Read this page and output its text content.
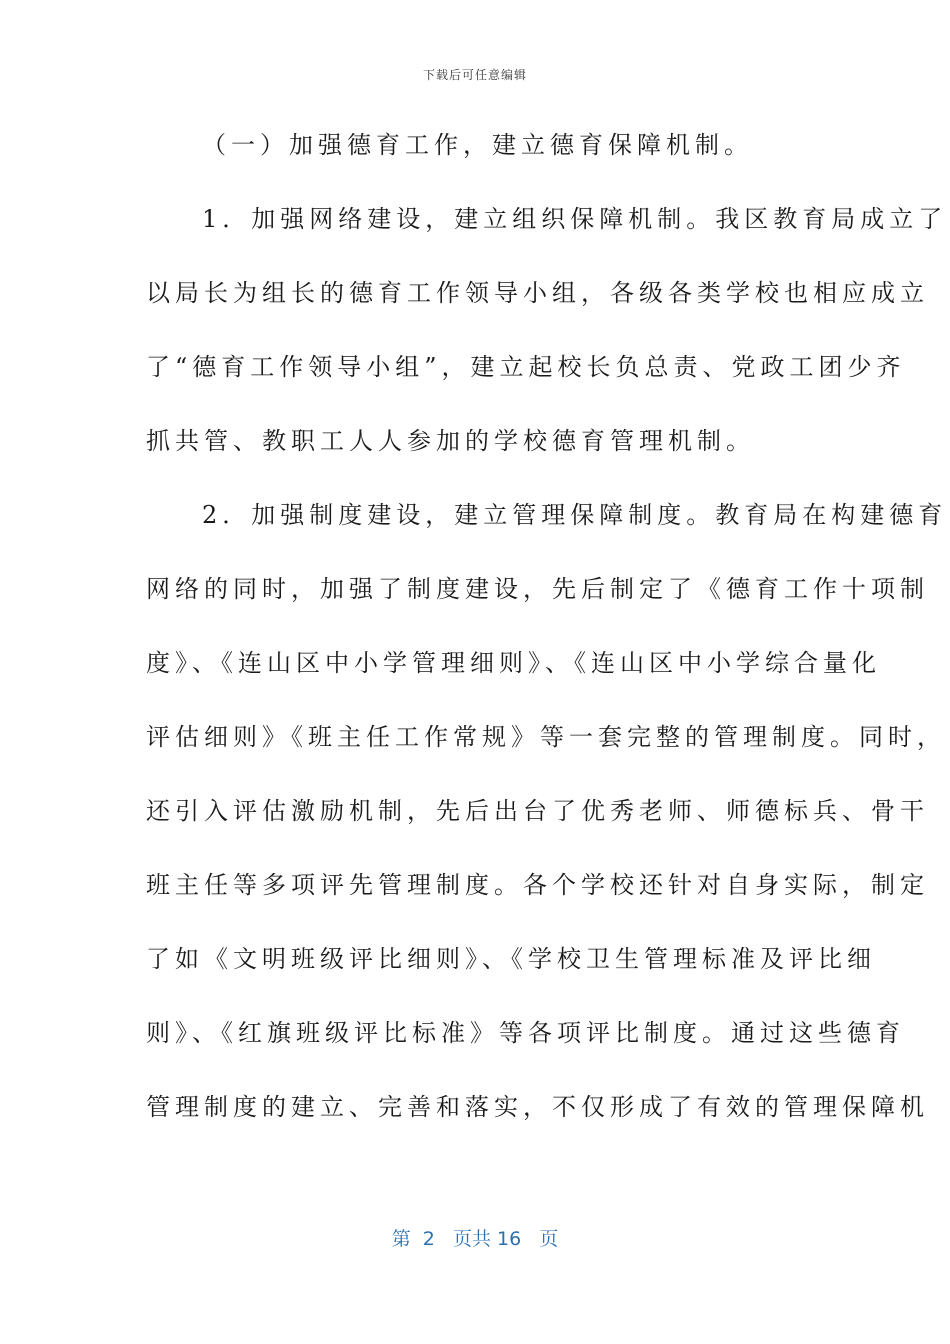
下载后可任意编辑
（一）加强德育工作，建立德育保障机制。
1．加强网络建设，建立组织保障机制。我区教育局成立了
以局长为组长的德育工作领导小组，各级各类学校也相应成立
了“德育工作领导小组”，建立起校长负总责、党政工团少齐
抓共管、教职工人人参加的学校德育管理机制。
2．加强制度建设，建立管理保障制度。教育局在构建德育
网络的同时，加强了制度建设，先后制定了《德育工作十项制
度》、《连山区中小学管理细则》、《连山区中小学综合量化
评估细则》《班主任工作常规》等一套完整的管理制度。同时，
还引入评估激励机制，先后出台了优秀老师、师德标兵、骨干
班主任等多项评先管理制度。各个学校还针对自身实际，制定
了如《文明班级评比细则》、《学校卫生管理标准及评比细
则》、《红旗班级评比标准》等各项评比制度。通过这些德育
管理制度的建立、完善和落实，不仅形成了有效的管理保障机
第  2   页共 16   页
